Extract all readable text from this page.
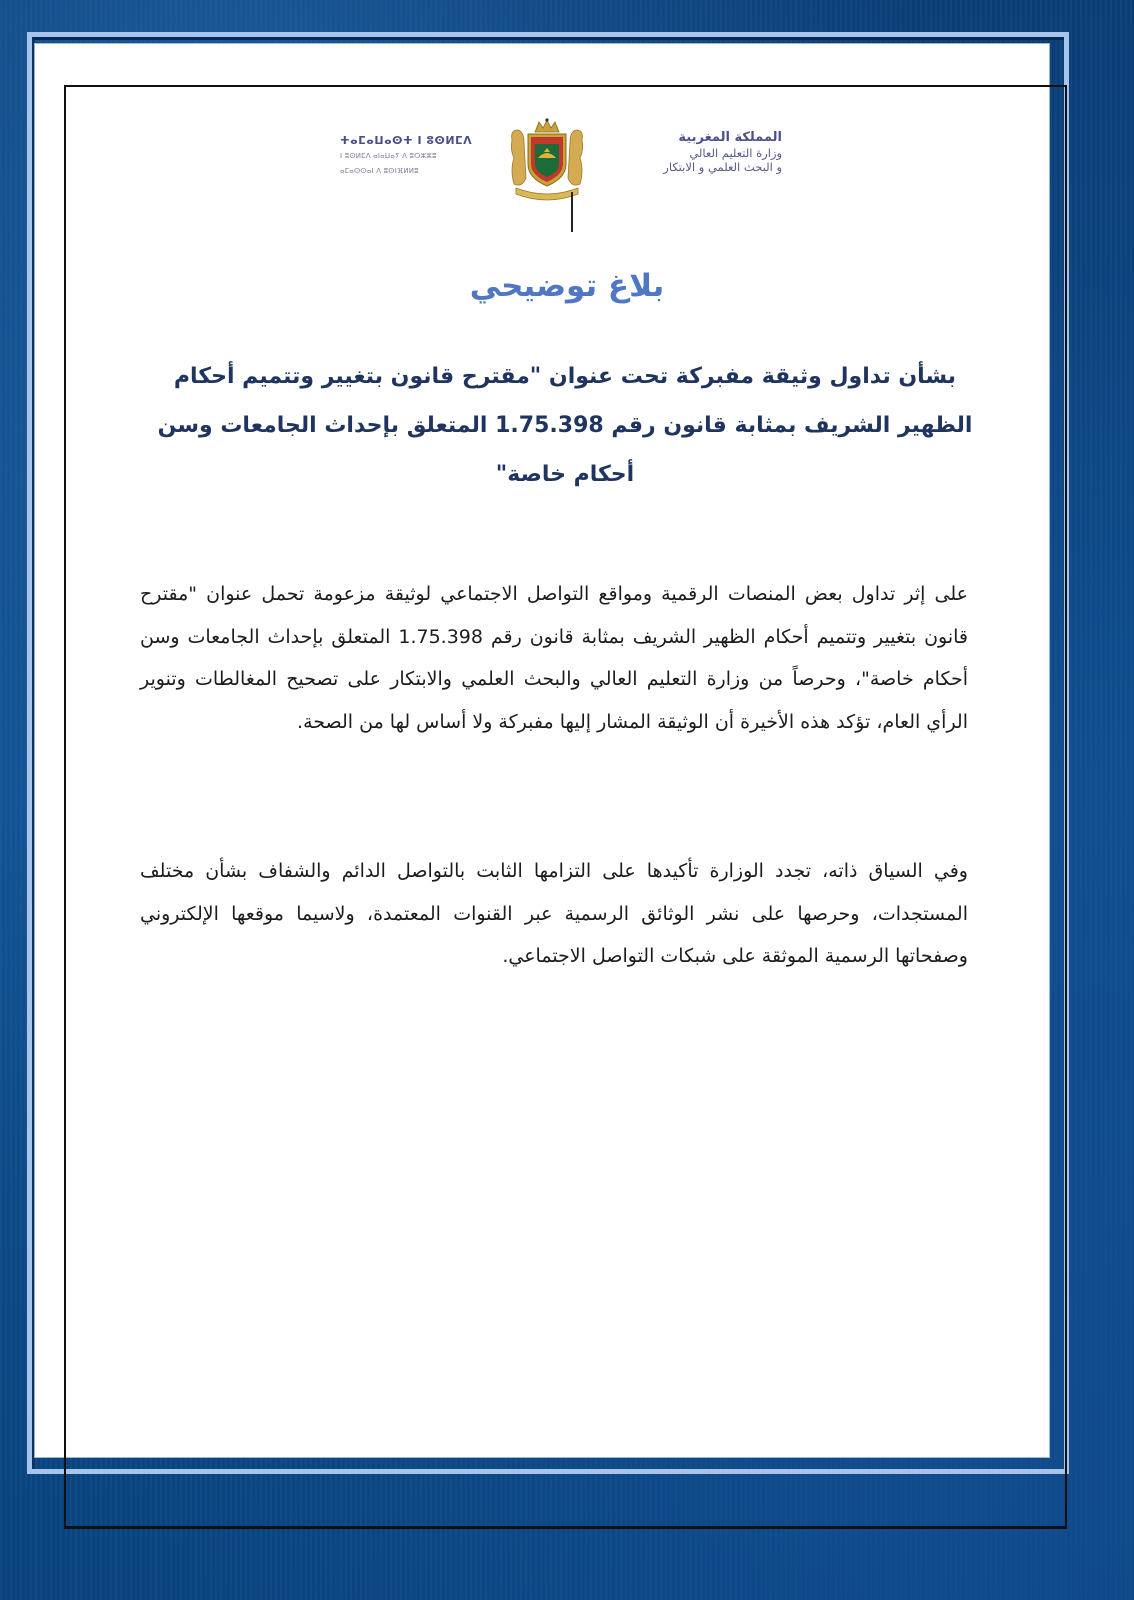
ⵜⴰⵎⴰⵡⴰⵙⵜ ⵏ ⵓⵙⵍⵎⴷ
ⵏ ⵓⵙⵍⵎⴷ ⴰⵏⴰⵡⴰⵢ ⴷ ⵓⵔⵣⵣⵓ
ⴰⵎⴰⵙⵙⴰⵏ ⴷ ⵓⵙⵏⴼⵍⵍⵓ
المملكة المغربية
وزارة التعليم العالي
و البحث العلمي و الابتكار
بلاغ توضيحي
بشأن تداول وثيقة مفبركة تحت عنوان "مقترح قانون بتغيير وتتميم أحكام الظهير الشريف بمثابة قانون رقم 1.75.398 المتعلق بإحداث الجامعات وسن أحكام خاصة"
على إثر تداول بعض المنصات الرقمية ومواقع التواصل الاجتماعي لوثيقة مزعومة تحمل عنوان "مقترح قانون بتغيير وتتميم أحكام الظهير الشريف بمثابة قانون رقم 1.75.398 المتعلق بإحداث الجامعات وسن أحكام خاصة"، وحرصاً من وزارة التعليم العالي والبحث العلمي والابتكار على تصحيح المغالطات وتنوير الرأي العام، تؤكد هذه الأخيرة أن الوثيقة المشار إليها مفبركة ولا أساس لها من الصحة.
وفي السياق ذاته، تجدد الوزارة تأكيدها على التزامها الثابت بالتواصل الدائم والشفاف بشأن مختلف المستجدات، وحرصها على نشر الوثائق الرسمية عبر القنوات المعتمدة، ولاسيما موقعها الإلكتروني وصفحاتها الرسمية الموثقة على شبكات التواصل الاجتماعي.
